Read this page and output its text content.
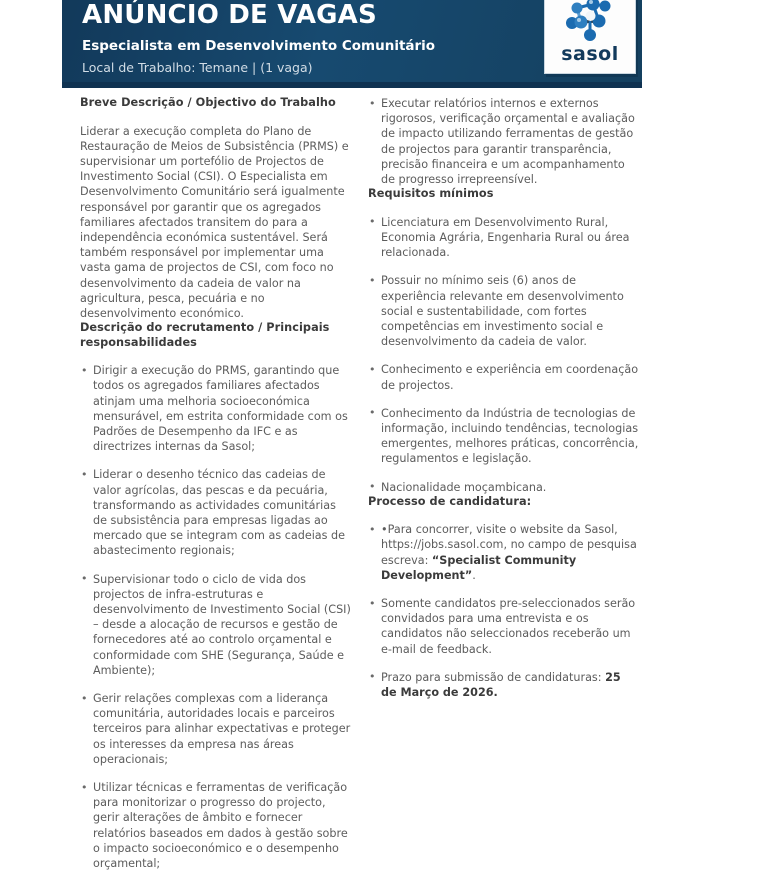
ANÚNCIO DE VAGAS

Especialista em Desenvolvimento Comunitário

Local de Trabalho: Temane | (1 vaga)

sasol
Breve Descrição / Objectivo do Trabalho

Liderar a execução completa do Plano de Restauração de Meios de Subsistência (PRMS) e supervisionar um portefólio de Projectos de Investimento Social (CSI). O Especialista em Desenvolvimento Comunitário será igualmente responsável por garantir que os agregados familiares afectados transitem do para a independência económica sustentável. Será também responsável por implementar uma vasta gama de projectos de CSI, com foco no desenvolvimento da cadeia de valor na agricultura, pesca, pecuária e no desenvolvimento económico.

Descrição do recrutamento / Principais responsabilidades
• Dirigir a execução do PRMS, garantindo que todos os agregados familiares afectados atinjam uma melhoria socioeconómica mensurável, em estrita conformidade com os Padrões de Desempenho da IFC e as directrizes internas da Sasol;
• Liderar o desenho técnico das cadeias de valor agrícolas, das pescas e da pecuária, transformando as actividades comunitárias de subsistência para empresas ligadas ao mercado que se integram com as cadeias de abastecimento regionais;
• Supervisionar todo o ciclo de vida dos projectos de infra-estruturas e desenvolvimento de Investimento Social (CSI) – desde a alocação de recursos e gestão de fornecedores até ao controlo orçamental e conformidade com SHE (Segurança, Saúde e Ambiente);
• Gerir relações complexas com a liderança comunitária, autoridades locais e parceiros terceiros para alinhar expectativas e proteger os interesses da empresa nas áreas operacionais;
• Utilizar técnicas e ferramentas de verificação para monitorizar o progresso do projecto, gerir alterações de âmbito e fornecer relatórios baseados em dados à gestão sobre o impacto socioeconómico e o desempenho orçamental;
• Executar relatórios internos e externos rigorosos, verificação orçamental e avaliação de impacto utilizando ferramentas de gestão de projectos para garantir transparência, precisão financeira e um acompanhamento de progresso irrepreensível.
Requisitos mínimos
• Licenciatura em Desenvolvimento Rural, Economia Agrária, Engenharia Rural ou área relacionada.
• Possuir no mínimo seis (6) anos de experiência relevante em desenvolvimento social e sustentabilidade, com fortes competências em investimento social e desenvolvimento da cadeia de valor.
• Conhecimento e experiência em coordenação de projectos.
• Conhecimento da Indústria de tecnologias de informação, incluindo tendências, tecnologias emergentes, melhores práticas, concorrência, regulamentos e legislação.
• Nacionalidade moçambicana.
Processo de candidatura:
• •Para concorrer, visite o website da Sasol, https://jobs.sasol.com, no campo de pesquisa escreva: “Specialist Community Development”.
• Somente candidatos pre-seleccionados serão convidados para uma entrevista e os candidatos não seleccionados receberão um e-mail de feedback.
• Prazo para submissão de candidaturas: 25 de Março de 2026.
